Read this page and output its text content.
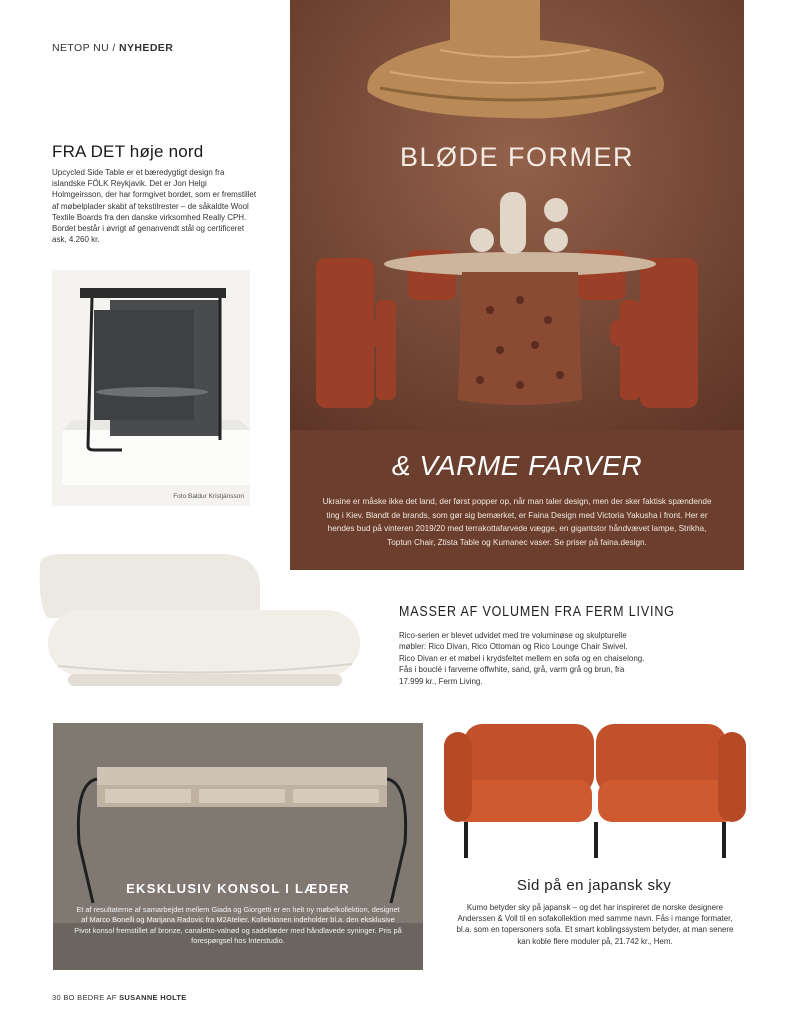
NETOP NU / NYHEDER
FRA DET høje nord
Upcycled Side Table er et bæredygtigt design fra islandske FÖLK Reykjavik. Det er Jon Helgi Holmgeirsson, der har formgivet bordet, som er fremstillet af møbelplader skabt af tekstilrester – de såkaldte Wool Textile Boards fra den danske virksomhed Really CPH. Bordet består i øvrigt af genanvendt stål og certificeret ask, 4.260 kr.
Foto Baldur Kristjánsson
BLØDE FORMER
& VARME FARVER
Ukraine er måske ikke det land, der først popper op, når man taler design, men der sker faktisk spændende ting i Kiev. Blandt de brands, som gør sig bemærket, er Faina Design med Victoria Yakusha i front. Her er hendes bud på vinteren 2019/20 med terrakottafarvede vægge, en gigantstor håndvævet lampe, Strikha, Toptun Chair, Ztista Table og Kumanec vaser. Se priser på faina.design.
MASSER AF VOLUMEN FRA FERM LIVING
Rico-serien er blevet udvidet med tre voluminøse og skulpturelle møbler: Rico Divan, Rico Ottoman og Rico Lounge Chair Swivel. Rico Divan er et møbel i krydsfeltet mellem en sofa og en chaiselong. Fås i bouclé i farverne offwhite, sand, grå, varm grå og brun, fra 17.999 kr., Ferm Living.
EKSKLUSIV KONSOL I LÆDER
Et af resultaterne af samarbejdet mellem Giada og Giorgetti er en helt ny møbelkollektion, designet af Marco Bonelli og Marijana Radovic fra M2Atelier. Kollektionen indeholder bl.a. den eksklusive Pivot konsol fremstillet af bronze, canaletto-valnød og sadellæder med håndlavede syninger. Pris på forespørgsel hos Interstudio.
Sid på en japansk sky
Kumo betyder sky på japansk – og det har inspireret de norske designere Anderssen & Voll til en sofakollektion med samme navn. Fås i mange formater, bl.a. som en topersoners sofa. Et smart koblingssystem betyder, at man senere kan koble flere moduler på, 21.742 kr., Hem.
30 BO BEDRE AF SUSANNE HOLTE
